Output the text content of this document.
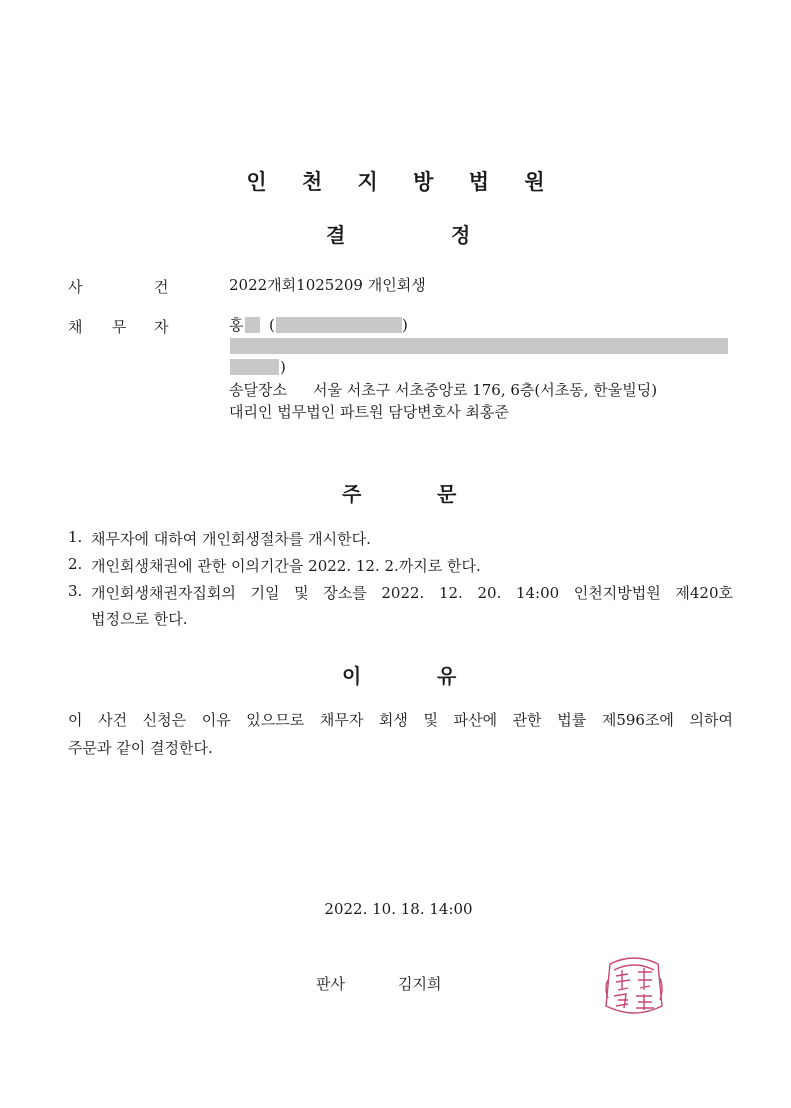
인 천 지 방 법 원
결	정
사	건	2022개회1025209 개인회생
채 무 자	홍 (	)
)
송달장소 서울 서초구 서초중앙로 176, 6층(서초동, 한울빌딩)
대리인 법무법인 파트원 담당변호사 최홍준
주	문
1. 채무자에 대하여 개인회생절차를 개시한다.
2. 개인회생채권에 관한 이의기간을 2022. 12. 2.까지로 한다.
3. 개인회생채권자집회의 기일 및 장소를 2022. 12. 20. 14:00 인천지방법원 제420호
법정으로 한다.
이	유
이 사건 신청은 이유 있으므로 채무자 회생 및 파산에 관한 법률 제596조에 의하여
주문과 같이 결정한다.
2022. 10. 18. 14:00
판사	김지희
